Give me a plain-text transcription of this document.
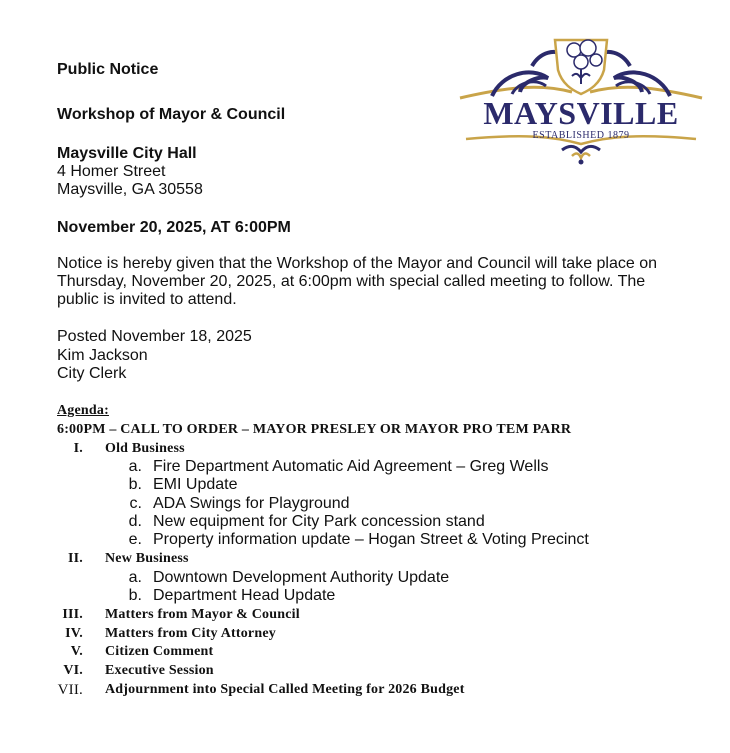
MAYSVILLE
ESTABLISHED 1879
Public Notice
Workshop of Mayor & Council
Maysville City Hall
4 Homer Street
Maysville, GA 30558
November 20, 2025, AT 6:00PM
Notice is hereby given that the Workshop of the Mayor and Council will take place on
Thursday, November 20, 2025, at 6:00pm with special called meeting to follow. The
public is invited to attend.
Posted November 18, 2025
Kim Jackson
City Clerk
Agenda:
6:00PM – CALL TO ORDER – MAYOR PRESLEY OR MAYOR PRO TEM PARR
I. Old Business
a. Fire Department Automatic Aid Agreement – Greg Wells
b. EMI Update
c. ADA Swings for Playground
d. New equipment for City Park concession stand
e. Property information update – Hogan Street & Voting Precinct
II. New Business
a. Downtown Development Authority Update
b. Department Head Update
III. Matters from Mayor & Council
IV. Matters from City Attorney
V. Citizen Comment
VI. Executive Session
VII. Adjournment into Special Called Meeting for 2026 Budget
